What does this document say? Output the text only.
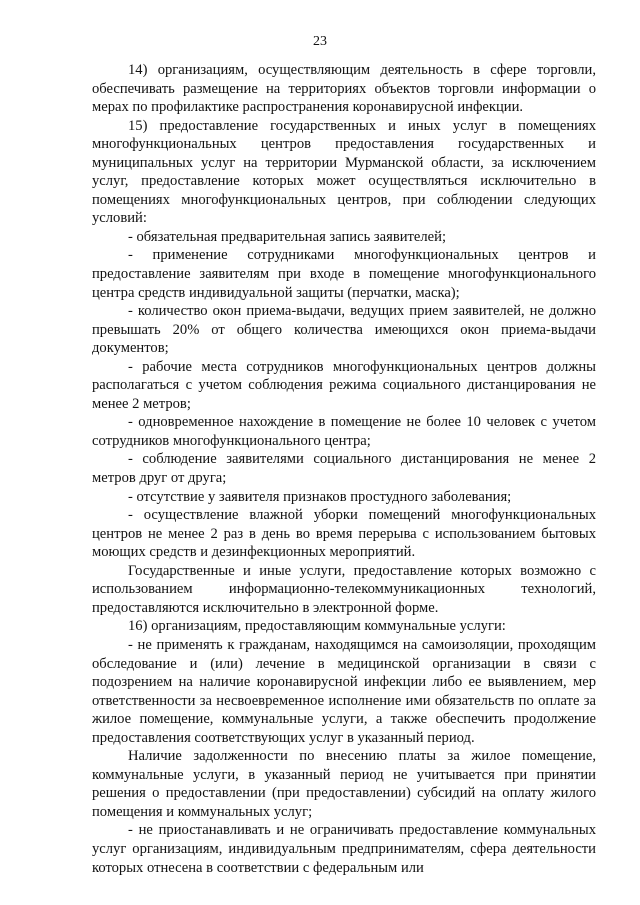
23

14) организациям, осуществляющим деятельность в сфере торговли, обеспечивать размещение на территориях объектов торговли информации о мерах по профилактике распространения коронавирусной инфекции.

15) предоставление государственных и иных услуг в помещениях многофункциональных центров предоставления государственных и муниципальных услуг на территории Мурманской области, за исключением услуг, предоставление которых может осуществляться исключительно в помещениях многофункциональных центров, при соблюдении следующих условий:

- обязательная предварительная запись заявителей;

- применение сотрудниками многофункциональных центров и предоставление заявителям при входе в помещение многофункционального центра средств индивидуальной защиты (перчатки, маска);

- количество окон приема-выдачи, ведущих прием заявителей, не должно превышать 20% от общего количества имеющихся окон приема-выдачи документов;

- рабочие места сотрудников многофункциональных центров должны располагаться с учетом соблюдения режима социального дистанцирования не менее 2 метров;

- одновременное нахождение в помещение не более 10 человек с учетом сотрудников многофункционального центра;

- соблюдение заявителями социального дистанцирования не менее 2 метров друг от друга;

- отсутствие у заявителя признаков простудного заболевания;

- осуществление влажной уборки помещений многофункциональных центров не менее 2 раз в день во время перерыва с использованием бытовых моющих средств и дезинфекционных мероприятий.

Государственные и иные услуги, предоставление которых возможно с использованием информационно-телекоммуникационных технологий, предоставляются исключительно в электронной форме.

16) организациям, предоставляющим коммунальные услуги:

- не применять к гражданам, находящимся на самоизоляции, проходящим обследование и (или) лечение в медицинской организации в связи с подозрением на наличие коронавирусной инфекции либо ее выявлением, мер ответственности за несвоевременное исполнение ими обязательств по оплате за жилое помещение, коммунальные услуги, а также обеспечить продолжение предоставления соответствующих услуг в указанный период.

Наличие задолженности по внесению платы за жилое помещение, коммунальные услуги, в указанный период не учитывается при принятии решения о предоставлении (при предоставлении) субсидий на оплату жилого помещения и коммунальных услуг;

- не приостанавливать и не ограничивать предоставление коммунальных услуг организациям, индивидуальным предпринимателям, сфера деятельности которых отнесена в соответствии с федеральным или
